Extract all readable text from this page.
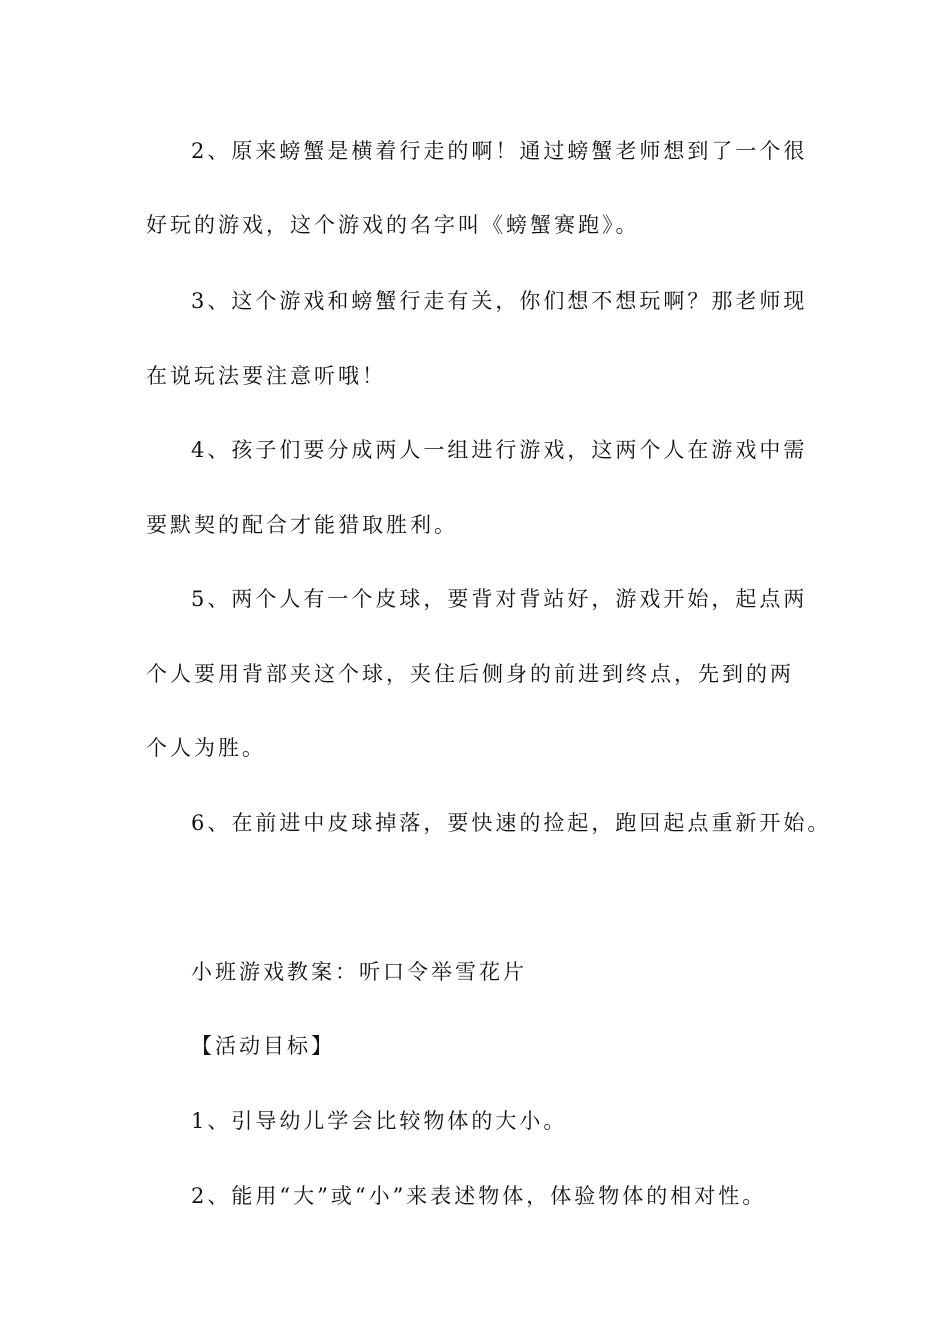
2、原来螃蟹是横着行走的啊！通过螃蟹老师想到了一个很

好玩的游戏，这个游戏的名字叫《螃蟹赛跑》。

3、这个游戏和螃蟹行走有关，你们想不想玩啊？那老师现

在说玩法要注意听哦！

4、孩子们要分成两人一组进行游戏，这两个人在游戏中需

要默契的配合才能猎取胜利。

5、两个人有一个皮球，要背对背站好，游戏开始，起点两

个人要用背部夹这个球，夹住后侧身的前进到终点，先到的两

个人为胜。

6、在前进中皮球掉落，要快速的捡起，跑回起点重新开始。

小班游戏教案：听口令举雪花片

【活动目标】

1、引导幼儿学会比较物体的大小。

2、能用“大”或“小”来表述物体，体验物体的相对性。
